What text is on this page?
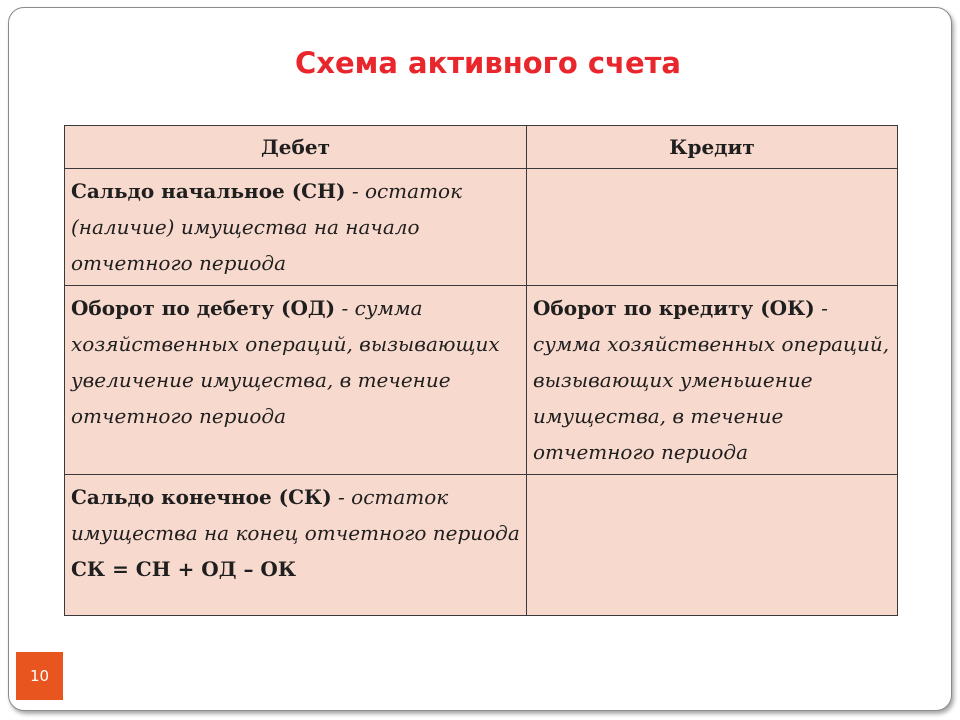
Схема активного счета
Дебет	Кредит
Сальдо начальное (СН) - остаток (наличие) имущества на начало отчетного периода	
Оборот по дебету (ОД) - сумма хозяйственных операций, вызывающих увеличение имущества, в течение отчетного периода	Оборот по кредиту (ОК) - сумма хозяйственных операций, вызывающих уменьшение имущества, в течение отчетного периода
Сальдо конечное (СК) - остаток имущества на конец отчетного периода
СК = СН + ОД – ОК	
10
